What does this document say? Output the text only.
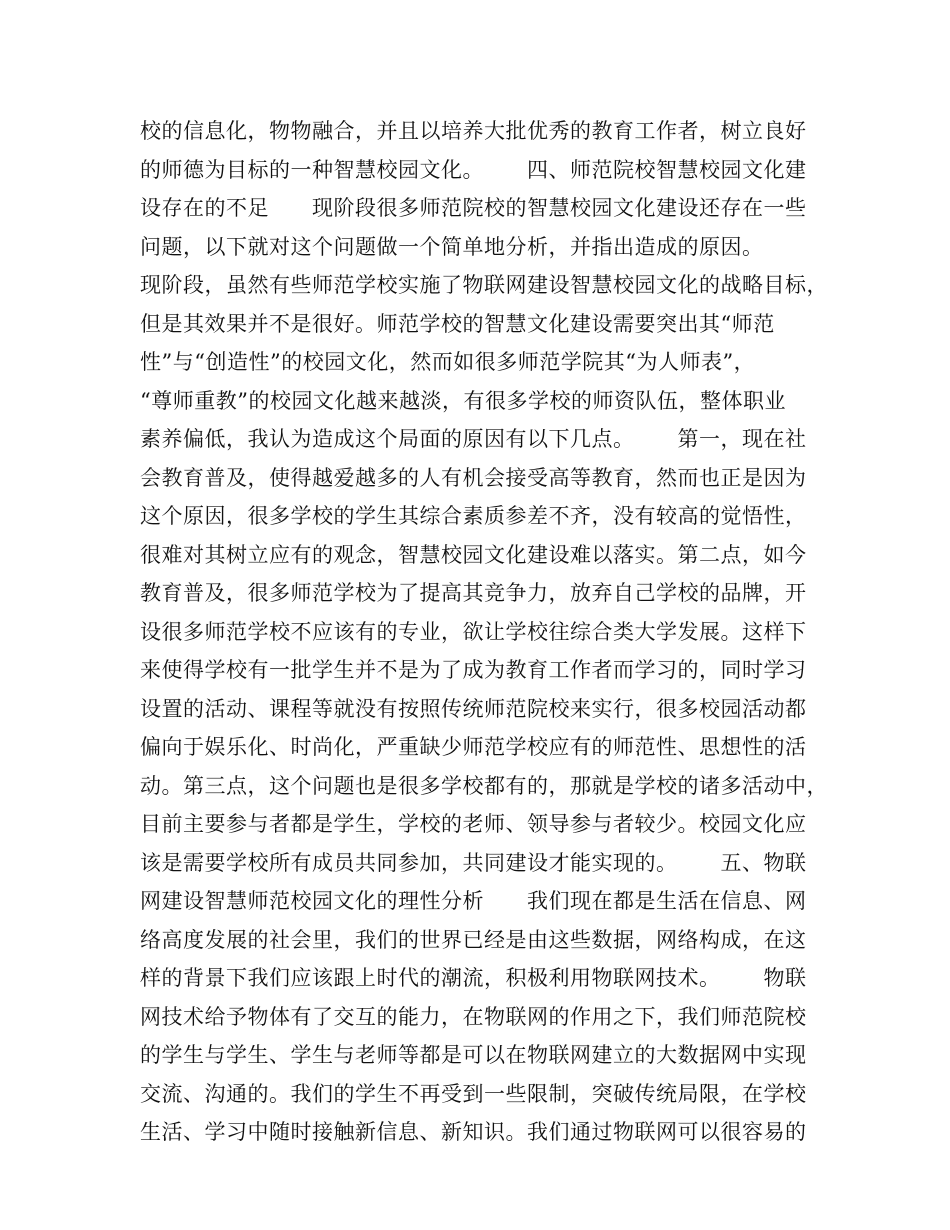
校的信息化，物物融合，并且以培养大批优秀的教育工作者，树立良好
的师德为目标的一种智慧校园文化。      四、师范院校智慧校园文化建
设存在的不足      现阶段很多师范院校的智慧校园文化建设还存在一些
问题，以下就对这个问题做一个简单地分析，并指出造成的原因。
现阶段，虽然有些师范学校实施了物联网建设智慧校园文化的战略目标，
但是其效果并不是很好。师范学校的智慧文化建设需要突出其“师范
性”与“创造性”的校园文化，然而如很多师范学院其“为人师表”，
“尊师重教”的校园文化越来越淡，有很多学校的师资队伍，整体职业
素养偏低，我认为造成这个局面的原因有以下几点。      第一，现在社
会教育普及，使得越爱越多的人有机会接受高等教育，然而也正是因为
这个原因，很多学校的学生其综合素质参差不齐，没有较高的觉悟性，
很难对其树立应有的观念，智慧校园文化建设难以落实。第二点，如今
教育普及，很多师范学校为了提高其竞争力，放弃自己学校的品牌，开
设很多师范学校不应该有的专业，欲让学校往综合类大学发展。这样下
来使得学校有一批学生并不是为了成为教育工作者而学习的，同时学习
设置的活动、课程等就没有按照传统师范院校来实行，很多校园活动都
偏向于娱乐化、时尚化，严重缺少师范学校应有的师范性、思想性的活
动。第三点，这个问题也是很多学校都有的，那就是学校的诸多活动中，
目前主要参与者都是学生，学校的老师、领导参与者较少。校园文化应
该是需要学校所有成员共同参加，共同建设才能实现的。      五、物联
网建设智慧师范校园文化的理性分析      我们现在都是生活在信息、网
络高度发展的社会里，我们的世界已经是由这些数据，网络构成，在这
样的背景下我们应该跟上时代的潮流，积极利用物联网技术。      物联
网技术给予物体有了交互的能力，在物联网的作用之下，我们师范院校
的学生与学生、学生与老师等都是可以在物联网建立的大数据网中实现
交流、沟通的。我们的学生不再受到一些限制，突破传统局限，在学校
生活、学习中随时接触新信息、新知识。我们通过物联网可以很容易的
